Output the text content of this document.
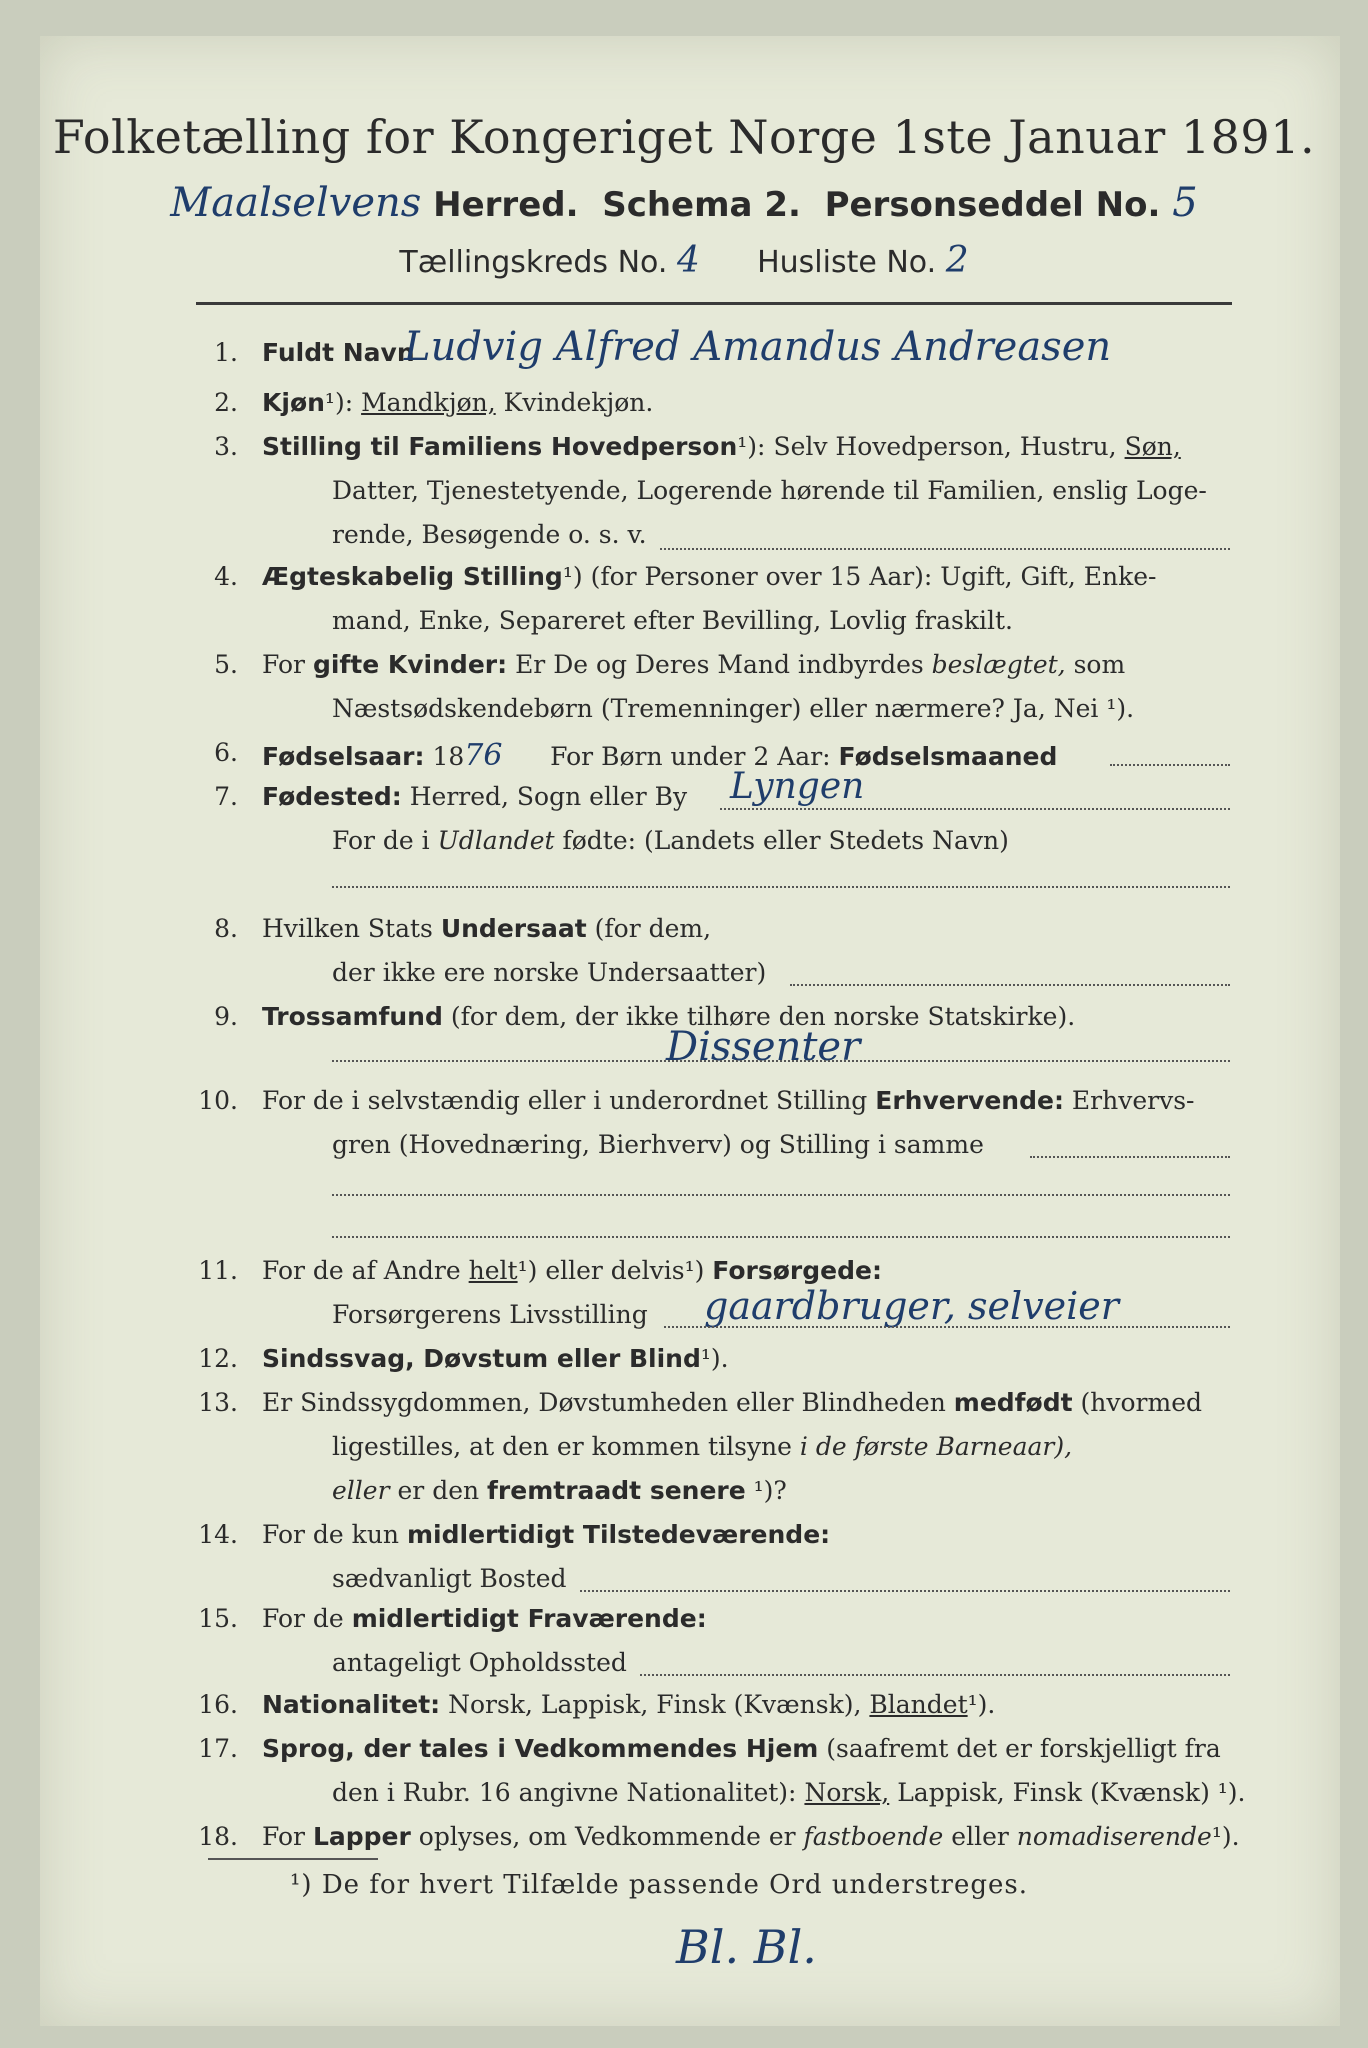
Folketælling for Kongeriget Norge 1ste Januar 1891.
Maalselvens Herred. Schema 2. Personseddel No. 5
Tællingskreds No. 4 Husliste No. 2
1. Fuldt Navn
Ludvig Alfred Amandus Andreasen
2. Kjøn¹): Mandkjøn, Kvindekjøn.
3. Stilling til Familiens Hovedperson¹): Selv Hovedperson, Hustru, Søn,
Datter, Tjenestetyende, Logerende hørende til Familien, enslig Loge-
rende, Besøgende o. s. v.
4. Ægteskabelig Stilling¹) (for Personer over 15 Aar): Ugift, Gift, Enke-
mand, Enke, Separeret efter Bevilling, Lovlig fraskilt.
5. For gifte Kvinder: Er De og Deres Mand indbyrdes beslægtet, som
Næstsødskendebørn (Tremenninger) eller nærmere? Ja, Nei ¹).
6. Fødselsaar: 1876 For Børn under 2 Aar: Fødselsmaaned
7. Fødested: Herred, Sogn eller By Lyngen
For de i Udlandet fødte: (Landets eller Stedets Navn)
8. Hvilken Stats Undersaat (for dem,
der ikke ere norske Undersaatter)
9. Trossamfund (for dem, der ikke tilhøre den norske Statskirke).
Dissenter
10. For de i selvstændig eller i underordnet Stilling Erhvervende: Erhvervs-
gren (Hovednæring, Bierhverv) og Stilling i samme
11. For de af Andre helt¹) eller delvis¹) Forsørgede:
Forsørgerens Livsstilling gaardbruger, selveier
12. Sindssvag, Døvstum eller Blind¹).
13. Er Sindssygdommen, Døvstumheden eller Blindheden medfødt (hvormed
ligestilles, at den er kommen tilsyne i de første Barneaar),
eller er den fremtraadt senere ¹)?
14. For de kun midlertidigt Tilstedeværende:
sædvanligt Bosted
15. For de midlertidigt Fraværende:
antageligt Opholdssted
16. Nationalitet: Norsk, Lappisk, Finsk (Kvænsk), Blandet¹).
17. Sprog, der tales i Vedkommendes Hjem (saafremt det er forskjelligt fra
den i Rubr. 16 angivne Nationalitet): Norsk, Lappisk, Finsk (Kvænsk) ¹).
18. For Lapper oplyses, om Vedkommende er fastboende eller nomadiserende¹).
¹) De for hvert Tilfælde passende Ord understreges.
Bl. Bl.
